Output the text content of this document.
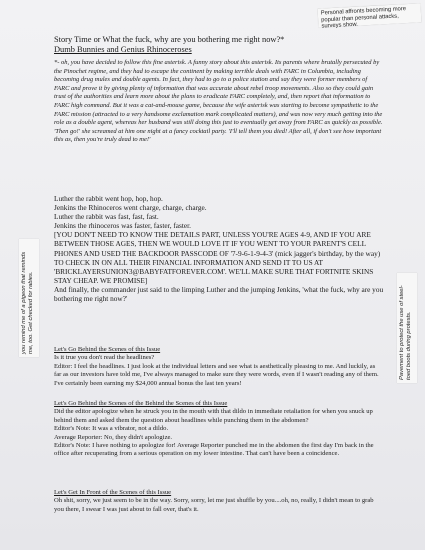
Personal affronts becoming more popular than personal attacks, surveys show.
Story Time or What the fuck, why are you bothering me right now?*
Dumb Bunnies and Genius Rhinoceroses

*- oh, you have decided to follow this fine asterisk. A funny story about this asterisk. Its parents where brutally persecuted by the Pinochet regime, and they had to escape the continent by making terrible deals with FARC in Columbia, including becoming drug mules and double agents. In fact, they had to go to a police station and say they were former members of FARC and prove it by giving plenty of information that was accurate about rebel troop movements. Also so they could gain trust of the authorities and learn more about the plans to eradicate FARC completely, and, then report that information to FARC high command. But it was a cat-and-mouse game, because the wife asterisk was starting to become sympathetic to the FARC mission (attracted to a very handsome exclamation mark complicated matters), and was now very much getting into the role as a double agent, whereas her husband was still doing this just to eventually get away from FARC as quickly as possible. 'Then go!' she screamed at him one night at a fancy cocktail party. 'I'll tell them you died! After all, if don't see how important this as, then you're truly dead to me!'

Luther the rabbit went hop, hop, hop.

Jenkins the Rhinoceros went charge, charge, charge.

Luther the rabbit was fast, fast, fast.

Jenkins the rhinoceros was faster, faster, faster.

[YOU DON'T NEED TO KNOW THE DETAILS PART, UNLESS YOU'RE AGES 4-9, AND IF YOU ARE BETWEEN THOSE AGES, THEN WE WOULD LOVE IT IF YOU WENT TO YOUR PARENT'S CELL PHONES AND USED THE BACKDOOR PASSCODE OF '7-9-6-1-9-4-3' (mick jagger's birthday, by the way) TO CHECK IN ON ALL THEIR FINANCIAL INFORMATION AND SEND IT TO US AT 'BRICKLAYERSUNION3@BABYFATFOREVER.COM'. WE'LL MAKE SURE THAT FORTNITE SKINS STAY CHEAP. WE PROMISE]

And finally, the commander just said to the limping Luther and the jumping Jenkins, 'what the fuck, why are you bothering me right now?'

you remind me of a pigeon that reminds me, too. Get checked for rabies.	Pavement to protect the use of steel-toed boots during protests.
Let's Go Behind the Scenes of this Issue

Is it true you don't read the headlines?

Editor: I feel the headlines. I just look at the individual letters and see what is aesthetically pleasing to me. And luckily, as far as our investors have told me, I've always managed to make sure they were words, even if I wasn't reading any of them. I've certainly been earning my $24,000 annual bonus the last ten years!

Let's Go Behind the Scenes of the Behind the Scenes of this Issue

Did the editor apologize when he struck you in the mouth with that dildo in immediate retaliation for when you snuck up behind them and asked them the question about headlines while punching them in the abdomen?

Editor's Note: It was a vibrator, not a dildo.

Average Reporter: No, they didn't apologize.

Editor's Note: I have nothing to apologize for! Average Reporter punched me in the abdomen the first day I'm back in the office after recuperating from a serious operation on my lower intestine. That can't have been a coincidence.

Let's Get In Front of the Scenes of this Issue

Oh shit, sorry, we just seem to be in the way. Sorry, sorry, let me just shuffle by you....oh, no, really, I didn't mean to grab you there, I swear I was just about to fall over, that's it.
